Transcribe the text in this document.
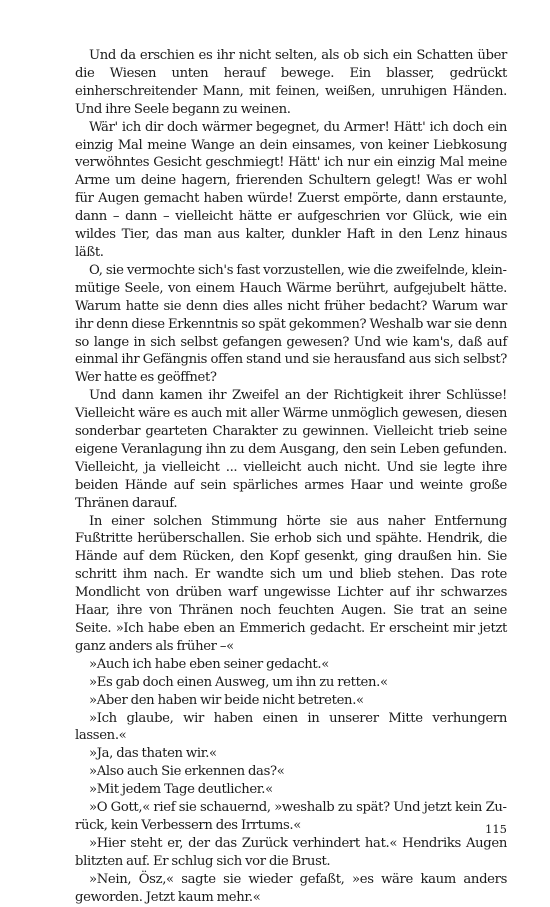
Und da erschien es ihr nicht selten, als ob sich ein Schatten über die Wiesen unten herauf bewege. Ein blasser, gedrückt einherschreitender Mann, mit feinen, weißen, unruhigen Händen. Und ihre Seele begann zu weinen.

Wär' ich dir doch wärmer begegnet, du Armer! Hätt' ich doch ein einzig Mal meine Wange an dein einsames, von keiner Liebkosung verwöhntes Gesicht geschmiegt! Hätt' ich nur ein einzig Mal meine Arme um deine hagern, frierenden Schultern gelegt! Was er wohl für Augen gemacht haben würde! Zuerst empörte, dann erstaunte, dann – dann – vielleicht hätte er aufgeschrien vor Glück, wie ein wildes Tier, das man aus kalter, dunkler Haft in den Lenz hinaus läßt.

O, sie vermochte sich's fast vorzustellen, wie die zweifelnde, kleinmütige Seele, von einem Hauch Wärme berührt, aufgejubelt hätte. Warum hatte sie denn dies alles nicht früher bedacht? Warum war ihr denn diese Erkenntnis so spät gekommen? Weshalb war sie denn so lange in sich selbst gefangen gewesen? Und wie kam's, daß auf einmal ihr Gefängnis offen stand und sie herausfand aus sich selbst? Wer hatte es geöffnet?

Und dann kamen ihr Zweifel an der Richtigkeit ihrer Schlüsse! Vielleicht wäre es auch mit aller Wärme unmöglich gewesen, diesen sonderbar gearteten Charakter zu gewinnen. Vielleicht trieb seine eigene Veranlagung ihn zu dem Ausgang, den sein Leben gefunden. Vielleicht, ja vielleicht ... vielleicht auch nicht. Und sie legte ihre beiden Hände auf sein spärliches armes Haar und weinte große Thränen darauf.

In einer solchen Stimmung hörte sie aus naher Entfernung Fußtritte herüberschallen. Sie erhob sich und spähte. Hendrik, die Hände auf dem Rücken, den Kopf gesenkt, ging draußen hin. Sie schritt ihm nach. Er wandte sich um und blieb stehen. Das rote Mondlicht von drüben warf ungewisse Lichter auf ihr schwarzes Haar, ihre von Thränen noch feuchten Augen. Sie trat an seine Seite. »Ich habe eben an Emmerich gedacht. Er erscheint mir jetzt ganz anders als früher –«

»Auch ich habe eben seiner gedacht.«

»Es gab doch einen Ausweg, um ihn zu retten.«

»Aber den haben wir beide nicht betreten.«

»Ich glaube, wir haben einen in unserer Mitte verhungern lassen.«

»Ja, das thaten wir.«

»Also auch Sie erkennen das?«

»Mit jedem Tage deutlicher.«

»O Gott,« rief sie schauernd, »weshalb zu spät? Und jetzt kein Zurück, kein Verbessern des Irrtums.«

»Hier steht er, der das Zurück verhindert hat.« Hendriks Augen blitzten auf. Er schlug sich vor die Brust.

»Nein, Ösz,« sagte sie wieder gefaßt, »es wäre kaum anders geworden. Jetzt kaum mehr.«

115
